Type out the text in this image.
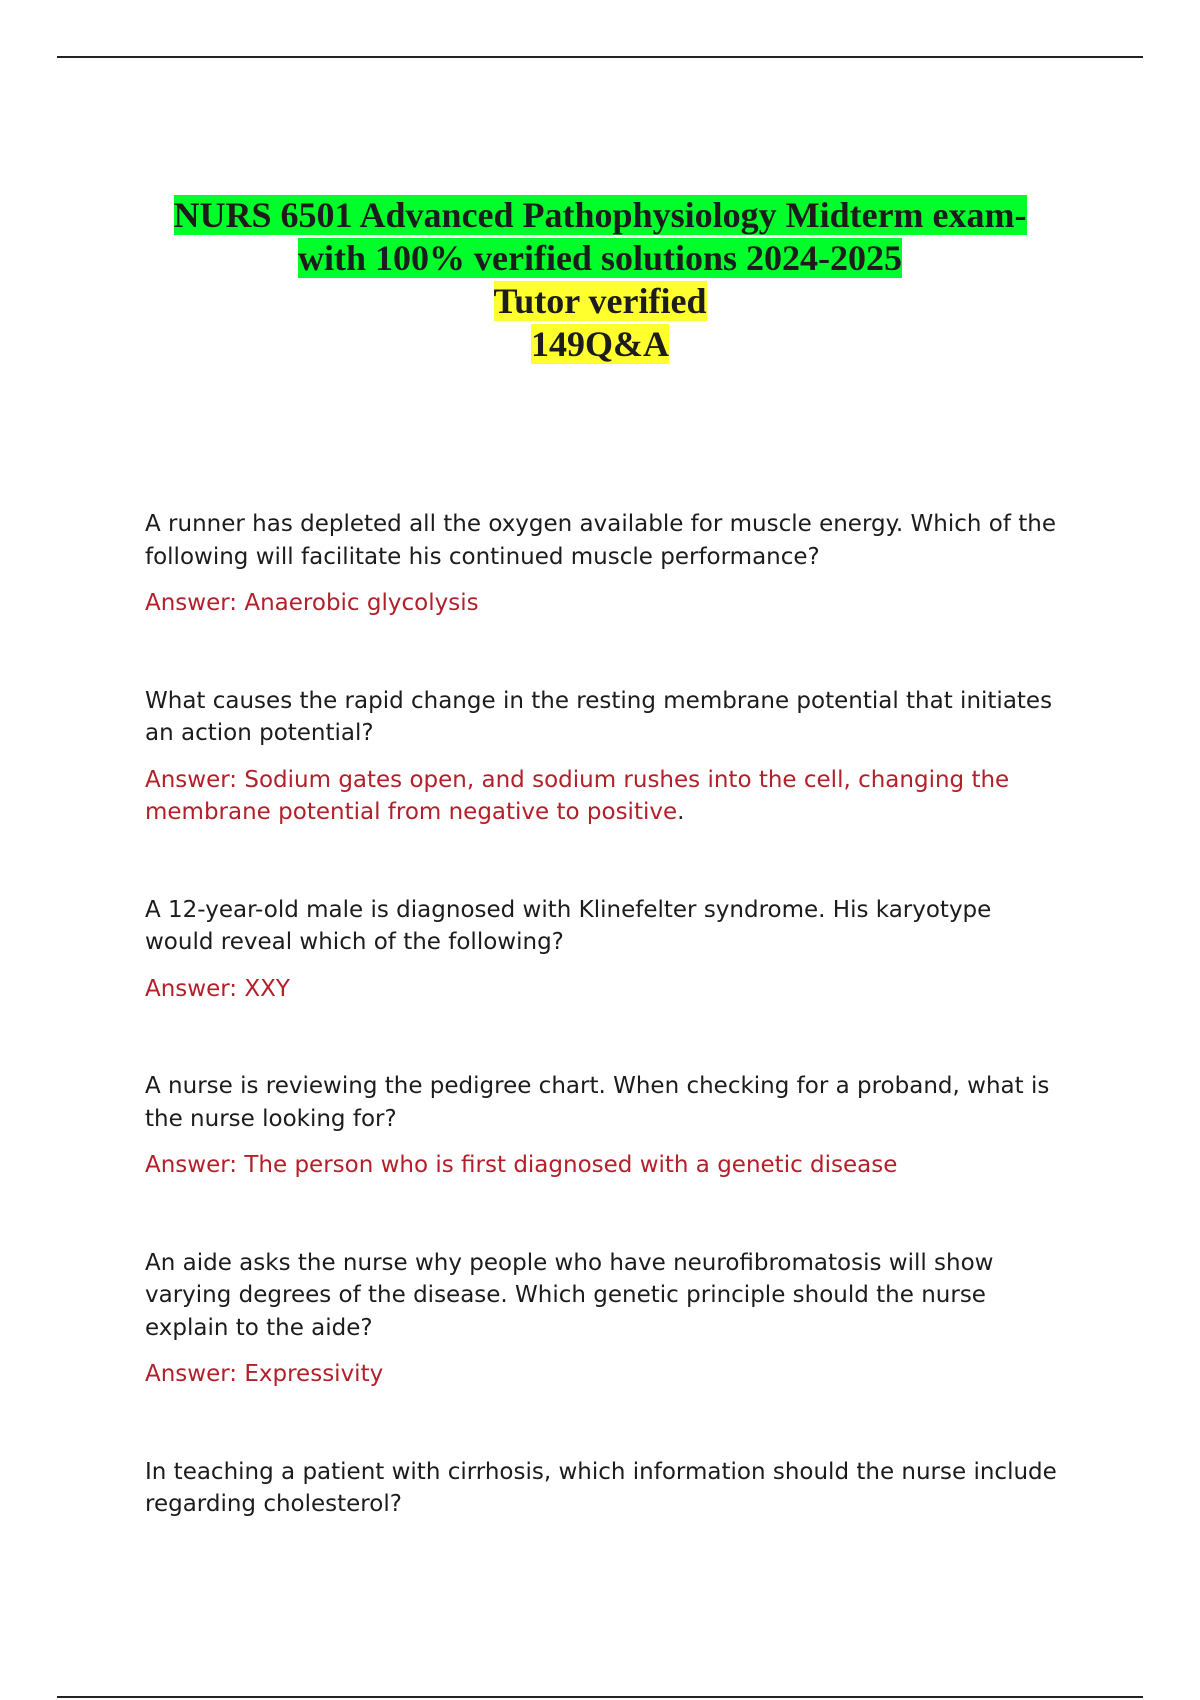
NURS 6501 Advanced Pathophysiology Midterm exam-
with 100% verified solutions 2024-2025
Tutor verified
149Q&A

A runner has depleted all the oxygen available for muscle energy. Which of the following will facilitate his continued muscle performance?

Answer: Anaerobic glycolysis

What causes the rapid change in the resting membrane potential that initiates an action potential?

Answer: Sodium gates open, and sodium rushes into the cell, changing the membrane potential from negative to positive.

A 12-year-old male is diagnosed with Klinefelter syndrome. His karyotype would reveal which of the following?

Answer: XXY

A nurse is reviewing the pedigree chart. When checking for a proband, what is the nurse looking for?

Answer: The person who is first diagnosed with a genetic disease

An aide asks the nurse why people who have neurofibromatosis will show varying degrees of the disease. Which genetic principle should the nurse explain to the aide?

Answer: Expressivity

In teaching a patient with cirrhosis, which information should the nurse include regarding cholesterol?
